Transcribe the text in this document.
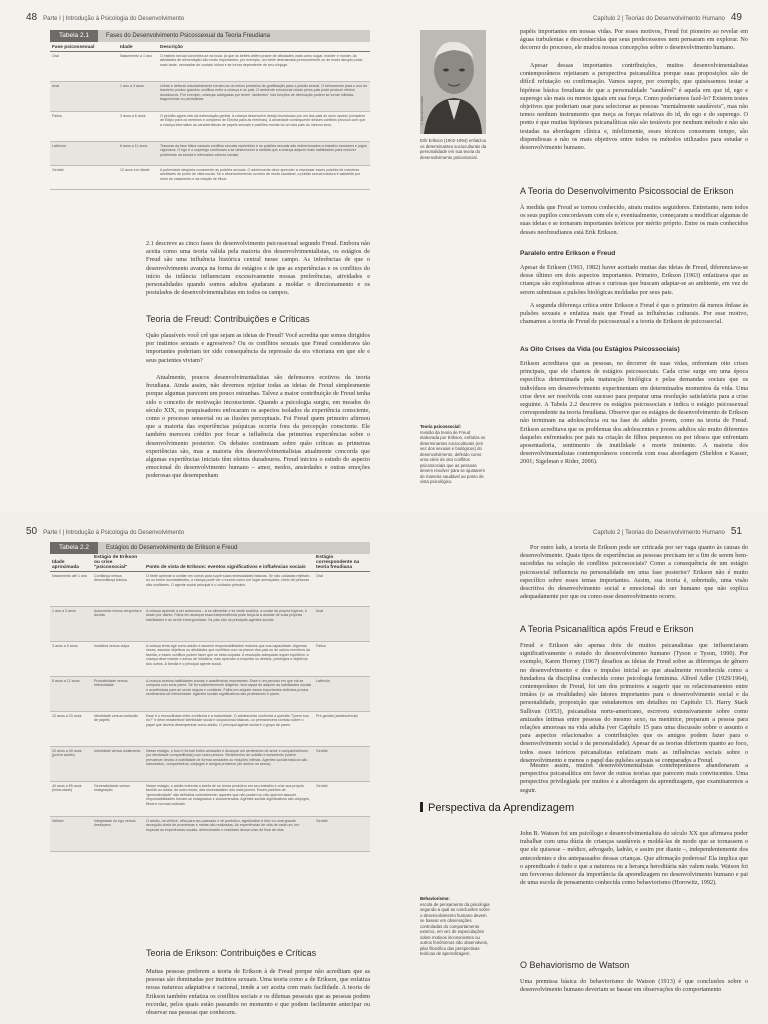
48 Parte I | Introdução à Psicologia do Desenvolvimento
Tabela 2.1	Fases do Desenvolvimento Psicossexual da Teoria Freudiana
Fase psicossexual	Idade	Descrição
Oral	Nascimento a 1 ano	O instinto sexual concentra-se na boca, já que os bebês obtêm prazer de atividades orais como sugar, morder e morder. As atividades de alimentação são muito importantes; por exemplo, um bebê desmamado precocemente ou de modo abrupto pode, mais tarde, necessitar de contato íntimo e se tornar dependente de seu cônjuge.
Anal	1 ano a 3 anos	Urinar e defecar voluntariamente tornam-se os meios primários de gratificação para o pulsão sexual. O treinamento para o uso do banheiro produz grandes conflitos entre a criança e os pais. O ambiente emocional criado pelos pais pode produzir efeitos duradouros. Por exemplo, crianças castigadas por terem "acidentes" nas funções de eliminação podem se tornar inibidas, bagunceiras ou perdulárias.
Fálica	3 anos a 6 anos	O pelotão agora veio da estimulação genital. A criança desenvolve desejo incestuoso por um dos pais do sexo oposto (complexo de Édipo para os meninos e complexo de Electra para as meninas). A ansiedade consequente desses conflitos provoca com que a criança internalize as características de papéis sexuais e padrões morais do um dos pais do mesmo sexo.
Latência	6 anos a 11 anos	Traumas da fase fálica causam conflitos sexuais reprimidos e os pulsões sexuais são redirecionados a trabalho escolares e jogos vigorosos. O ego e o superego continuam a se desenvolver à medida que a criança adquire mais habilidades para resolver problemas na escola e internaliza valores sociais.
Genital	12 anos em diante	A puberdade desperta novamente as pulsões sexuais. O adolescente deve aprender a expressar esses pulsões de maneiras aceitáveis do ponto de vista social. Se o desenvolvimento ocorreu de modo saudável, a pulsão sexual madura é satisfeita por meio do casamento e da criação de filhos.
2.1 descreve as cinco fases do desenvolvimento psicossexual segundo Freud. Embora não aceita como uma teoria válida pela maioria dos desenvolvimentalistas, os estágios de Freud são uma influência histórica central nesse campo. As inferências de que o desenvolvimento avança na forma de estágios e de que as experiências e os conflitos do início da infância influenciam excessivamente nossas preferências, atividades e personalidades quando somos adultos ajudaram a moldar o direcionamento e os postulados de desenvolvimentalistas em todos os campos.
Teoria de Freud: Contribuições e Críticas
Quão plausíveis você crê que sejam as ideias de Freud? Você acredita que somos dirigidos por instintos sexuais e agressivos? Ou os conflitos sexuais que Freud considerava tão importantes poderiam ter sido consequência da repressão da era vitoriana em que ele e seus pacientes viviam?
Atualmente, poucos desenvolvimentalistas são defensores ecetivos da teoria freudiana. Ainda assim, não devemos rejeitar todas as ideias de Freud simplesmente porque algumas parecem um pouco estranhas. Talvez a maior contribuição de Freud tenha sido o conceito de motivação inconsciente. Quando a psicologia surgiu, em meados do século XIX, os pesquisadores enfocaram os aspectos isolados da experiência consciente, como o processo sensorial ou as ilusões perceptuais. Foi Freud quem primeiro afirmou que a maioria das experiências psíquicas ocorria fora da percepção consciente. Ele também mereceu crédito por focar a influência das primeiras experiências sobre o desenvolvimento posterior. Os debates continuam sobre quão críticas as primeiras experiências são, mas a maioria dos desenvolvimentalistas atualmente concorda que algumas experiências iniciais têm efeitos duradouros. Freud iniciou o estudo do aspecto emocional do desenvolvimento humano – amor, medos, ansiedades e outras emoções poderosas que desempenham
Capítulo 2 | Teorias do Desenvolvimento Humano 49
© Bettmann/CORBIS
Erik Erikson (1902-1994) enfatizou os determinantes socioculturais da personalidade em sua teoria do desenvolvimento psicossocial.
papéis importantes em nossas vidas. Por esses motivos, Freud foi pioneiro ao revelar em águas turbulentas e desconhecidas que seus predecessores nem pensaram em explorar. No decorrer do processo, ele mudou nossas concepções sobre o desenvolvimento humano.
Apesar dessas importantes contribuições, muitos desenvolvimentalistas contemporâneos rejeitaram a perspectiva psicanalítica porque suas proposições são de difícil refutação ou confirmação. Vamos supor, por exemplo, que quiséssemos testar a hipótese básica freudiana de que a personalidade "saudável" é aquela em que id, ego e superego são mais ou menos iguais em sua força. Como poderíamos fazê-lo? Existem testes objetivos que poderiam usar para selecionar as pessoas "mentalmente saudáveis", mas não temos nenhum instrumento que meça as forças relativas do id, do ego e do superego. O ponto é que muitas hipóteses psicanalíticas não são testáveis por nenhum método e não são testadas na abordagem clínica e, infelizmente, esses técnicos consomem tempo, são dispendiosas e não os mais objetivos entre todos os métodos utilizados para estudar o desenvolvimento humano.
A Teoria do Desenvolvimento Psicossocial de Erikson
À medida que Freud se tornou conhecido, atraiu muitos seguidores. Entretanto, nem todos os seus pupilos concordavam com ele e, eventualmente, começaram a modificar algumas de suas ideias e se tornaram importantes teóricos por mérito próprio. Entre os mais conhecidos desses neofreudianos está Erik Erikson.
Paralelo entre Erikson e Freud
Apesar de Erikson (1963, 1982) haver aceitado muitas das ideias de Freud, diferenciava-se desse último em dois aspectos importantes. Primeiro, Erikson (1963) enfatizava que as crianças são exploradoras ativas e curiosas que buscam adaptar-se ao ambiente, em vez de serem submissas a pulsões biológicas moldadas por seus pais.
A segunda diferença crítica entre Erikson e Freud é que o primeiro dá menos ênfase às pulsões sexuais e enfatiza mais que Freud as influências culturais. Por esse motivo, chamamos a teoria de Freud de psicossexual e a teoria de Erikson de psicossocial.
As Oito Crises da Vida (ou Estágios Psicossociais)
Erikson acreditava que as pessoas, no decorrer de suas vidas, enfrentam oito crises principais, que ele chamou de estágios psicossociais. Cada crise surge em uma época específica determinada pela maturação biológica e pelas demandas sociais que os indivíduos em desenvolvimento experimentam em determinados momentos da vida. Uma crise deve ser resolvida com sucesso para preparar uma resolução satisfatória para a crise seguinte. A Tabela 2.2 descreve os estágios psicossociais e indica o estágio psicossexual correspondente na teoria freudiana. Observe que os estágios de desenvolvimento de Erikson não terminam na adolescência ou na fase de adulto jovem, como na teoria de Freud. Erikson acreditava que os problemas dos adolescentes e jovens adultos são muito diferentes daqueles enfrentados por pais na criação de filhos pequenos ou por idosos que enfrentam aposentadoria, sentimento de inutilidade e morte iminente. A maioria dos desenvolvimentalistas contemporâneos concorda com essa abordagem (Sheldon e Kasser, 2001; Sigelman e Rider, 2006).
Teoria psicossocial:
revisão da teoria de Freud elaborada por Erikson, enfatiza os determinantes socioculturais (em vez dos sexuais e biológicos) do desenvolvimento, definido como uma série de oito conflitos psicossociais que as pessoas devem resolver para se ajustarem de maneira saudável ao ponto de vista psicológico.
50 Parte I | Introdução à Psicologia do Desenvolvimento
Tabela 2.2	Estágios do Desenvolvimento de Erikson e Freud
Idade aproximada	Estágio de Erikson ou crise "psicossocial"	Ponto de vista de Erikson: eventos significativos e influências sociais	Estágio correspondente na teoria freudiana
Nascimento até 1 ano	Confiança versus desconfiança básica	O bebê aprende a confiar em outros para suprir suas necessidades básicas. Se não cuidadas rejeitam-no ou forem inconsistentes, a criança pode ver o mundo como um lugar ameaçador, cheio de pessoas não confiáveis. O agente social principal é o cuidador primário.	Oral
1 ano a 3 anos	Autonomia versus vergonha e dúvida	A criança aprende a ser autônoma – a se alimentar e se vestir sozinha, a cuidar da própria higiene, e assim por diante. Falha em alcançar essa independência pode forçá-la a duvidar de suas próprias habilidades e se sentir envergonhada. Os pais são os principais agentes sociais.	Anal
3 anos a 6 anos	Iniciativa versus culpa	A criança tenta agir como adulto e assumir responsabilidades maiores que sua capacidade. Algumas vezes, assume objetivos ou atividades que conflitam com os planos dos pais ou de outros membros da família, e esses conflitos podem fazer que se sinta culpada. A resolução adequada requer equilíbrio: a criança deve manter o senso de iniciativa, mas aprender a respeitar os direitos, privilégios e objetivos dos outros. A família é o principal agente social.	Fálica
6 anos a 12 anos	Produtividade versus inferioridade	A criança domina habilidades sociais e acadêmicas importantes. Esse é um período em que ela se compara com seus pares. Se for suficientemente diligente, terá capaz de adquirir as habilidades sociais e acadêmicas para se sentir segura e confiante. Falha em adquirir esses importantes atributos produz sentimentos de inferioridade. Agentes sociais significativos são professores e pares.	Latência
12 anos a 20 anos	Identidade versus confusão de papéis	Esse é o encruzilhada entre a infância e a maturidade. O adolescente confronta a questão "Quem sou eu?" e deve estabelecer identidade social e ocupacional básicas, ou permanecerá confuso sobre o papel que deverá desempenhar como adulto. O principal agente social é o grupo de pares.	Pré-genital (adolescência)
20 anos a 40 anos (jovem adulto)	Intimidade versus isolamento	Nesse estágio, o foco é formar fortes amizades e alcançar um sentimento de amor e companheirismo (ou identidade compartilhada) com outra pessoa. Sentimentos de solidão e isolamento podem prevalecer devido à inabilidade de formar amizades ou relações íntimas. Agentes sociais básicos são namorados, companheiros, cônjuges e amigos próximos (de ambos os sexos).	Genital
40 anos a 65 anos (meia-idade)	Generatividade versus estagnação	Nesse estágio, o adulto enfrenta a tarefa de se tornar produtivo em seu trabalho e criar sua própria família ou cuidar, de outro modo, das necessidades dos mais jovens. Esses padrões de "generatividade" são definidos culturalmente; aqueles que não podem ou não querem assumir responsabilidades tornam-se estagnados e autocentrados. Agentes sociais significativos são cônjuges, filhos e normas culturais.	Genital
Velhice	Integridade do ego versus desespero	O adulto, na velhice, olha para seu passado e vê produtivo, significativo e feliz ou uma grande decepção cheia de promessas e metas não realizadas. As experiências de vida de cada um, em especial as experiências sociais, determinarão o resultado dessa crise de final de vida.	Genital
Teoria de Erikson: Contribuições e Críticas
Muitas pessoas preferem a teoria de Erikson à de Freud porque não acreditam que as pessoas são dominadas por instintos sexuais. Uma teoria como a de Erikson, que enfatiza nossa natureza adaptativa e racional, tende a ser aceita com mais facilidade. A teoria de Erikson também enfatiza os conflitos sociais e os dilemas pessoais que as pessoas podem recordar, pelos quais estão passando no momento e que podem facilmente antecipar ou observar nas pessoas que conhecem.
Capítulo 2 | Teorias do Desenvolvimento Humano 51
Por outro lado, a teoria de Erikson pode ser criticada por ser vaga quanto às causas do desenvolvimento. Quais tipos de experiências as pessoas precisam ter a fim de serem bem-sucedidas na solução de conflitos psicossociais? Como a consequência de um estágio psicossocial influencia na personalidade em uma fase posterior? Erikson não é muito específico sobre esses temas importantes. Assim, sua teoria é, sobretudo, uma visão descritiva do desenvolvimento social e emocional do ser humano que não explica adequadamente por que ou como esse desenvolvimento ocorre.
A Teoria Psicanalítica após Freud e Erikson
Freud e Erikson são apenas dois de muitos psicanalistas que influenciaram significativamente o estudo do desenvolvimento humano (Tyson e Tyson, 1990). Por exemplo, Karen Horney (1967) desafiou as ideias de Freud sobre as diferenças de gênero no desenvolvimento e deu o impulso inicial ao que atualmente reconhecida como a fundadora da disciplina conhecida como psicologia feminina. Alfred Adler (1929/1964), contemporâneo de Freud, foi um dos primeiros a sugerir que os relacionamentos entre irmãos (e as rivalidades) são fatores importantes para o desenvolvimento social e da personalidade, proposição que estudaremos em detalhes no Capítulo 13. Harry Stack Sullivan (1953), psicanalista norte-americano, escreveu extensivamente sobre como amizades íntimas entre pessoas do mesmo sexo, na meninice, preparam a pessoa para relações amorosas na vida adulta (ver Capítulo 15 para uma discussão sobre o assunto e para aspectos relacionados a contribuições que os amigos podem fazer para o desenvolvimento social e da personalidade). Apesar de as teorias diferirem quanto ao foco, todos esses teóricos psicanalistas enfatizam mais as influências sociais sobre o desenvolvimento e menos o papel das pulsões sexuais se comparados a Freud.
Mesmo assim, muitos desenvolvimentalistas contemporâneos abandonaram a perspectiva psicanalítica em favor de outras teorias que parecem mais convincentes. Uma perspectiva privilegiada por muitos é a abordagem da aprendizagem, que examinaremos a seguir.
Perspectiva da Aprendizagem
John B. Watson foi um psicólogo e desenvolvimentalista do século XX que afirmava poder trabalhar com uma dúzia de crianças saudáveis e moldá-las de modo que se tornassem o que ele quisesse – médico, advogado, ladrão, e assim por diante –, independentemente dos antecedentes e dos antepassados dessas crianças. Que afirmação poderosa! Ela implica que o aprendizado é tudo e que a natureza ou a herança hereditária não valem nada. Watson foi um fervoroso defensor da importância da aprendizagem no desenvolvimento humano e pai de uma escola de pensamento conhecida como behaviorismo (Horowitz, 1992).
Behaviorismo:
escola de pensamento da psicologia segundo a qual as conclusões sobre o desenvolvimento humano devem se basear em observações controladas do comportamento externo, em vez de especulações sobre motivos inconscientes ou outros fenômenos não observáveis, pilar filosófico das perspectivas teóricas de aprendizagem.
O Behaviorismo de Watson
Uma premissa básica do behaviorismo de Watson (1913) é que conclusões sobre o desenvolvimento humano deveriam se basear em observações do comportamento
